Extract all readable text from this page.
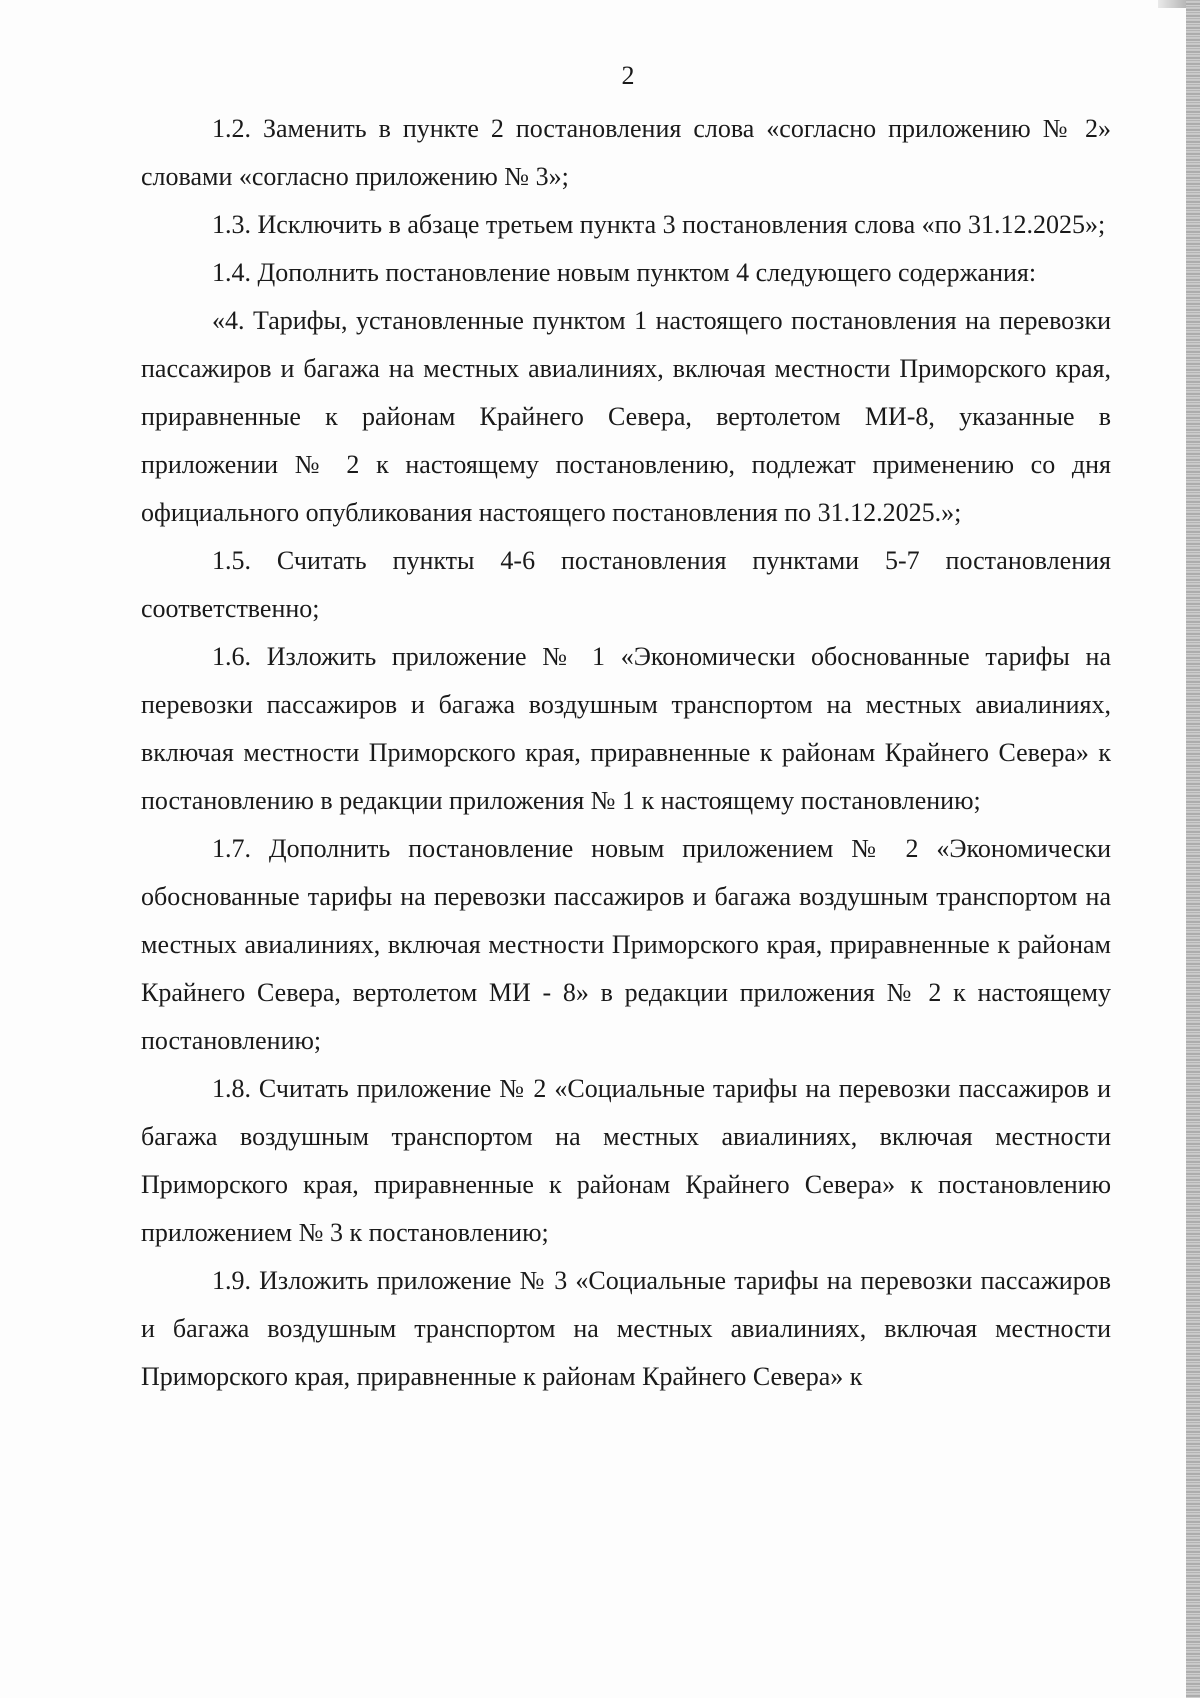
2

1.2. Заменить в пункте 2 постановления слова «согласно приложению № 2» словами «согласно приложению № 3»;

1.3. Исключить в абзаце третьем пункта 3 постановления слова «по 31.12.2025»;

1.4. Дополнить постановление новым пунктом 4 следующего содержания:

«4. Тарифы, установленные пунктом 1 настоящего постановления на перевозки пассажиров и багажа на местных авиалиниях, включая местности Приморского края, приравненные к районам Крайнего Севера, вертолетом МИ-8, указанные в приложении № 2 к настоящему постановлению, подлежат применению со дня официального опубликования настоящего постановления по 31.12.2025.»;

1.5. Считать пункты 4-6 постановления пунктами 5-7 постановления соответственно;

1.6. Изложить приложение № 1 «Экономически обоснованные тарифы на перевозки пассажиров и багажа воздушным транспортом на местных авиалиниях, включая местности Приморского края, приравненные к районам Крайнего Севера» к постановлению в редакции приложения № 1 к настоящему постановлению;

1.7. Дополнить постановление новым приложением № 2 «Экономически обоснованные тарифы на перевозки пассажиров и багажа воздушным транспортом на местных авиалиниях, включая местности Приморского края, приравненные к районам Крайнего Севера, вертолетом МИ - 8» в редакции приложения № 2 к настоящему постановлению;

1.8. Считать приложение № 2 «Социальные тарифы на перевозки пассажиров и багажа воздушным транспортом на местных авиалиниях, включая местности Приморского края, приравненные к районам Крайнего Севера» к постановлению приложением № 3 к постановлению;

1.9. Изложить приложение № 3 «Социальные тарифы на перевозки пассажиров и багажа воздушным транспортом на местных авиалиниях, включая местности Приморского края, приравненные к районам Крайнего Севера» к
